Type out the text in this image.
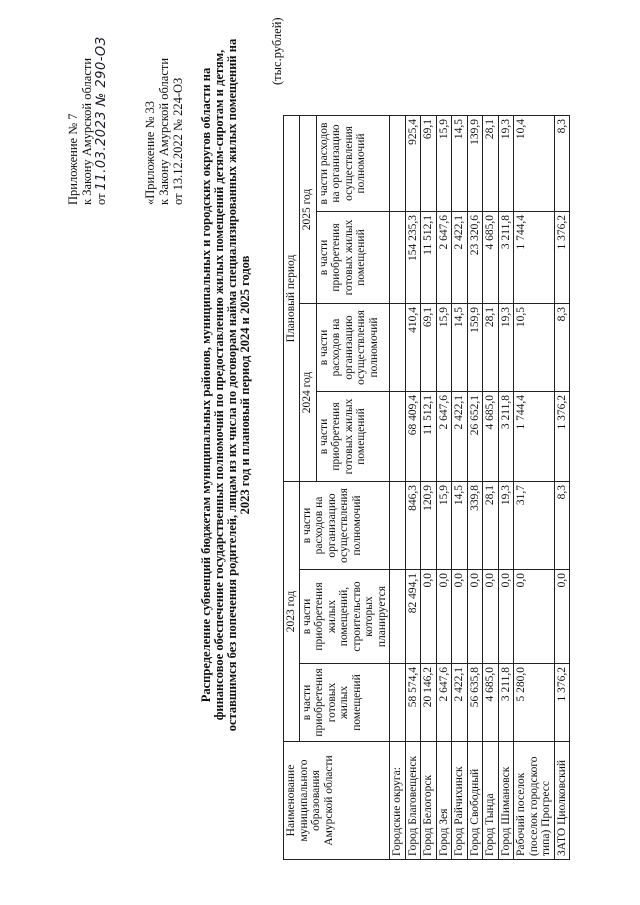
Приложение № 7 к Закону Амурской области от 11.03.2023 № 290-ОЗ	«Приложение № 33 к Закону Амурской области от 13.12.2022 № 224-ОЗ Распределение субвенций бюджетам муниципальных районов, муниципальных и городских округов области на финансовое обеспечение государственных полномочий по предоставлению жилых помещений детям-сиротам и детям, оставшимся без попечения родителей, лицам из их числа по договорам найма специализированных жилых помещений на 2023 год и плановый период 2024 и 2025 годов
(тыс.рублей)
Наименование муниципального образования Амурской области	2023 год			Плановый период			
	в части приобретения готовых жилых помещений	в части приобретения жилых помещений, строительство которых планируется	в части расходов на организацию осуществления полномочий	2024 год		2025 год	
				в части приобретения готовых жилых помещений	в части расходов на организацию осуществления полномочий	в части приобретения готовых жилых помещений	в части расходов на организацию осуществления полномочий
Городские округа:							
Город Благовещенск	58 574,4	82 494,1	846,3	68 409,4	410,4	154 235,3	925,4
Город Белогорск	20 146,2	0,0	120,9	11 512,1	69,1	11 512,1	69,1
Город Зея	2 647,6	0,0	15,9	2 647,6	15,9	2 647,6	15,9
Город Райчихинск	2 422,1	0,0	14,5	2 422,1	14,5	2 422,1	14,5
Город Свободный	56 635,8	0,0	339,8	26 652,1	159,9	23 320,6	139,9
Город Тында	4 685,0	0,0	28,1	4 685,0	28,1	4 685,0	28,1
Город Шимановск	3 211,8	0,0	19,3	3 211,8	19,3	3 211,8	19,3
Рабочий поселок (поселок городского типа) Прогресс	5 280,0	0,0	31,7	1 744,4	10,5	1 744,4	10,4
ЗАТО Циолковский	1 376,2	0,0	8,3	1 376,2	8,3	1 376,2	8,3
